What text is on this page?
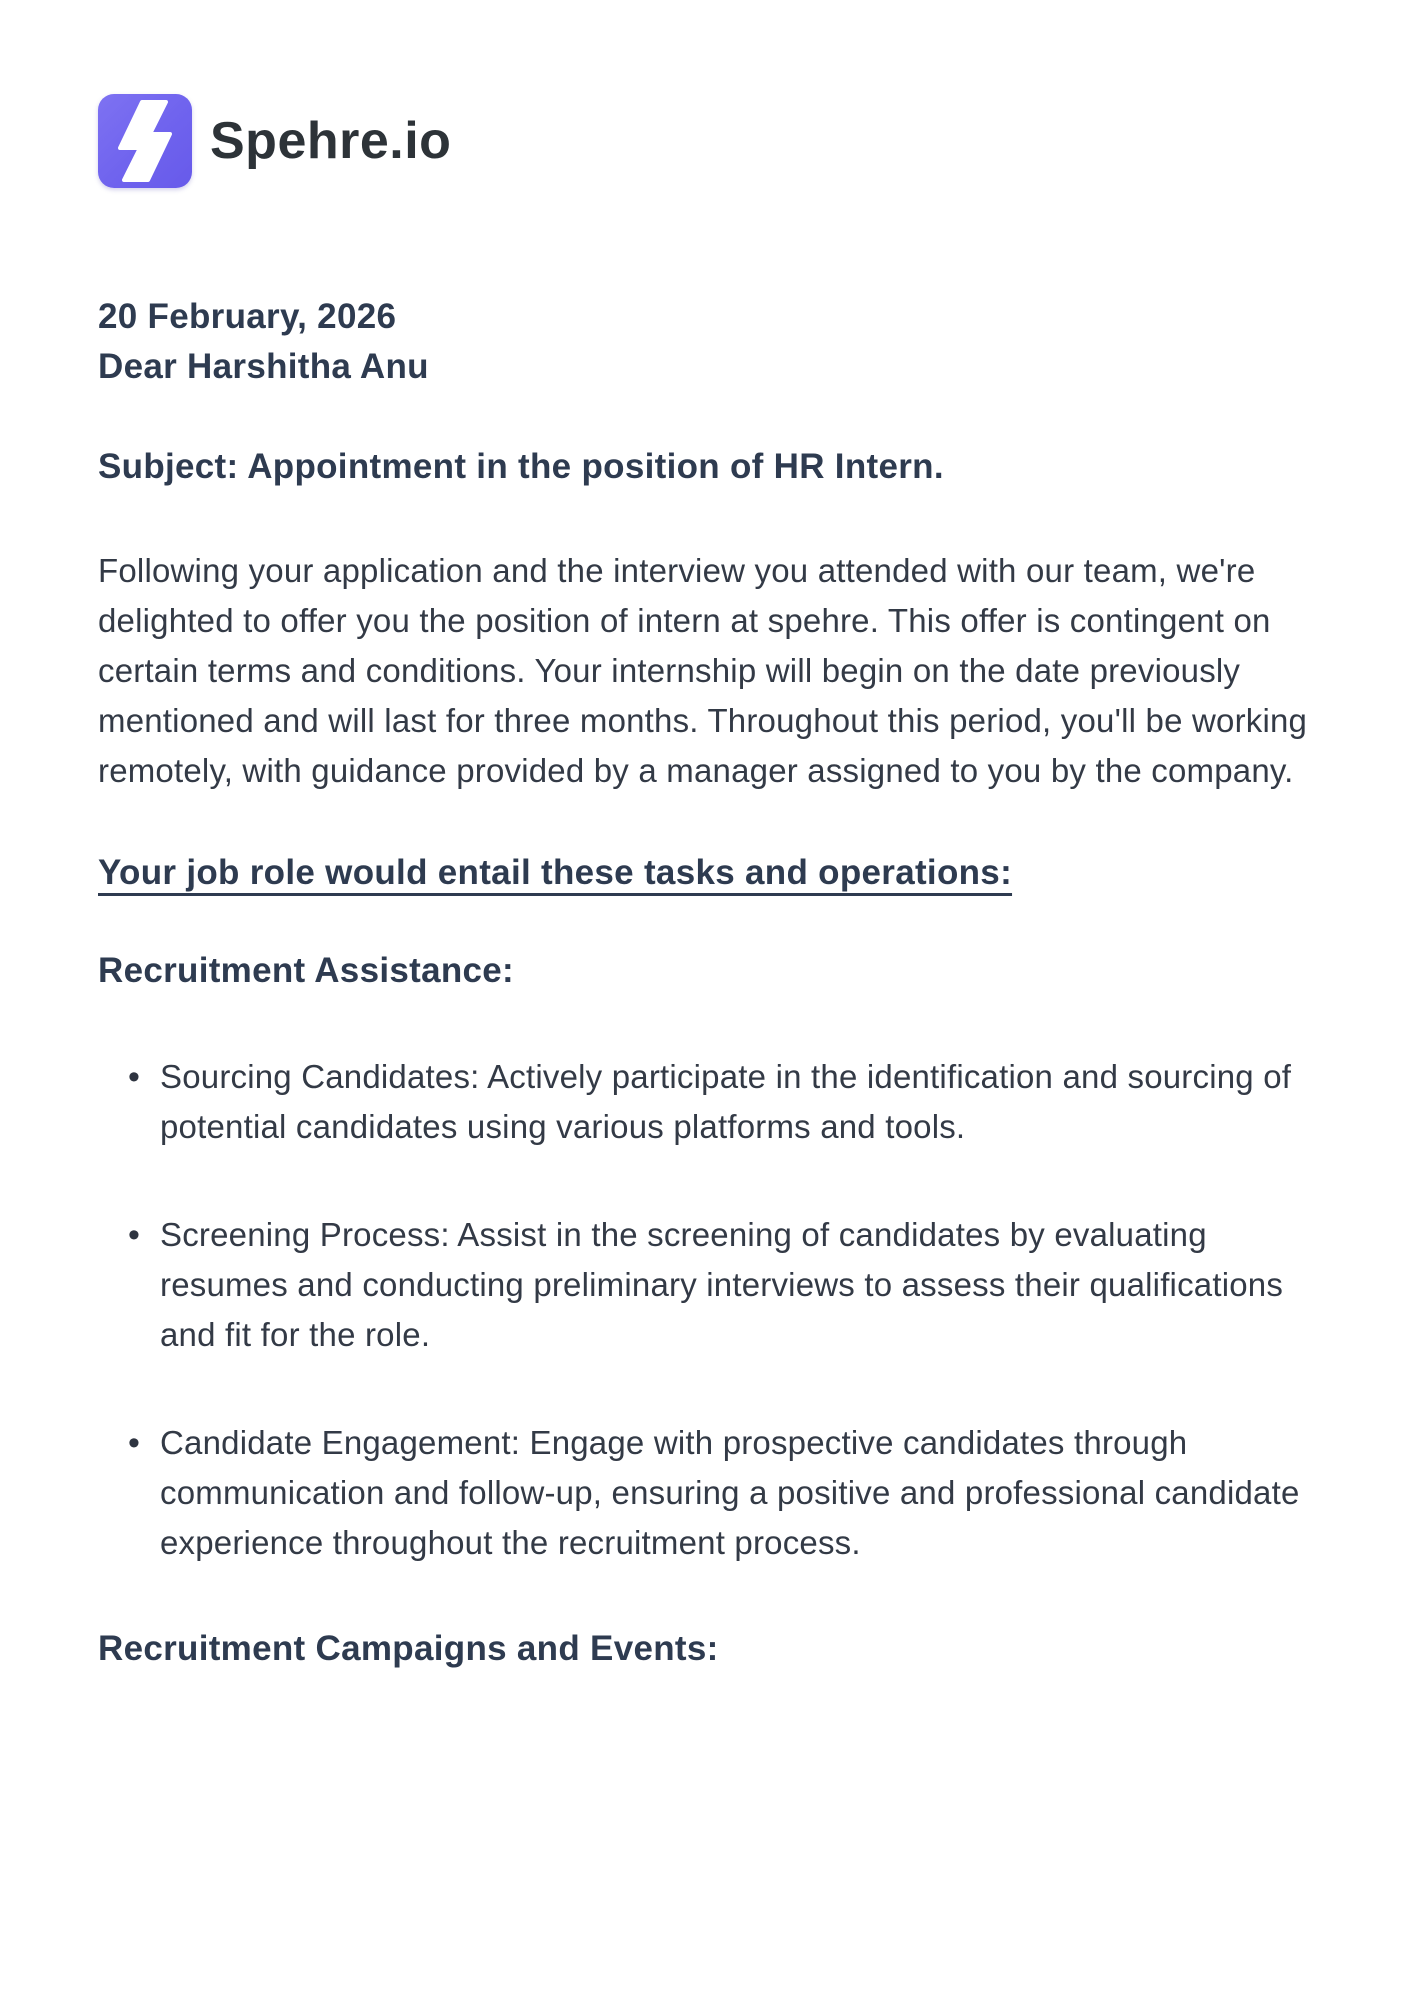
Spehre.io

20 February, 2026

Dear Harshitha Anu

Subject: Appointment in the position of HR Intern.

Following your application and the interview you attended with our team, we're delighted to offer you the position of intern at spehre. This offer is contingent on certain terms and conditions. Your internship will begin on the date previously mentioned and will last for three months. Throughout this period, you'll be working remotely, with guidance provided by a manager assigned to you by the company.

Your job role would entail these tasks and operations:
Recruitment Assistance:
• Sourcing Candidates: Actively participate in the identification and sourcing of potential candidates using various platforms and tools.
• Screening Process: Assist in the screening of candidates by evaluating resumes and conducting preliminary interviews to assess their qualifications and fit for the role.
• Candidate Engagement: Engage with prospective candidates through communication and follow-up, ensuring a positive and professional candidate experience throughout the recruitment process.
Recruitment Campaigns and Events:
